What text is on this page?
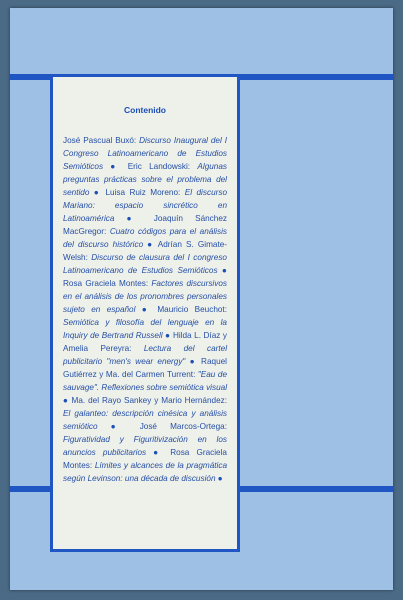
Contenido
José Pascual Buxó: Discurso Inaugural del I Congreso Latinoamericano de Estudios Semióticos ● Eric Landowski: Algunas preguntas prácticas sobre el problema del sentido ● Luisa Ruiz Moreno: El discurso Mariano: espacio sincrético en Latinoamérica ● Joaquín Sánchez MacGregor: Cuatro códigos para el análisis del discurso histórico ● Adrían S. Gimate-Welsh: Discurso de clausura del I congreso Latinoamericano de Estudios Semióticos ● Rosa Graciela Montes: Factores discursivos en el análisis de los pronombres personales sujeto en español ● Mauricio Beuchot: Semiótica y filosofía del lenguaje en la Inquiry de Bertrand Russell ● Hilda L. Díaz y Amelia Pereyra: Lectura del cartel publicitario "men's wear energy" ● Raquel Gutiérrez y Ma. del Carmen Turrent: "Eau de sauvage". Reflexiones sobre semiótica visual ● Ma. del Rayo Sankey y Mario Hernández: El galanteo: descripción cinésica y análisis semiótico ● José Marcos-Ortega: Figuratividad y Figuritivización en los anuncios publicitarios ● Rosa Graciela Montes: Límites y alcances de la pragmática según Levinson: una década de discusión ●
